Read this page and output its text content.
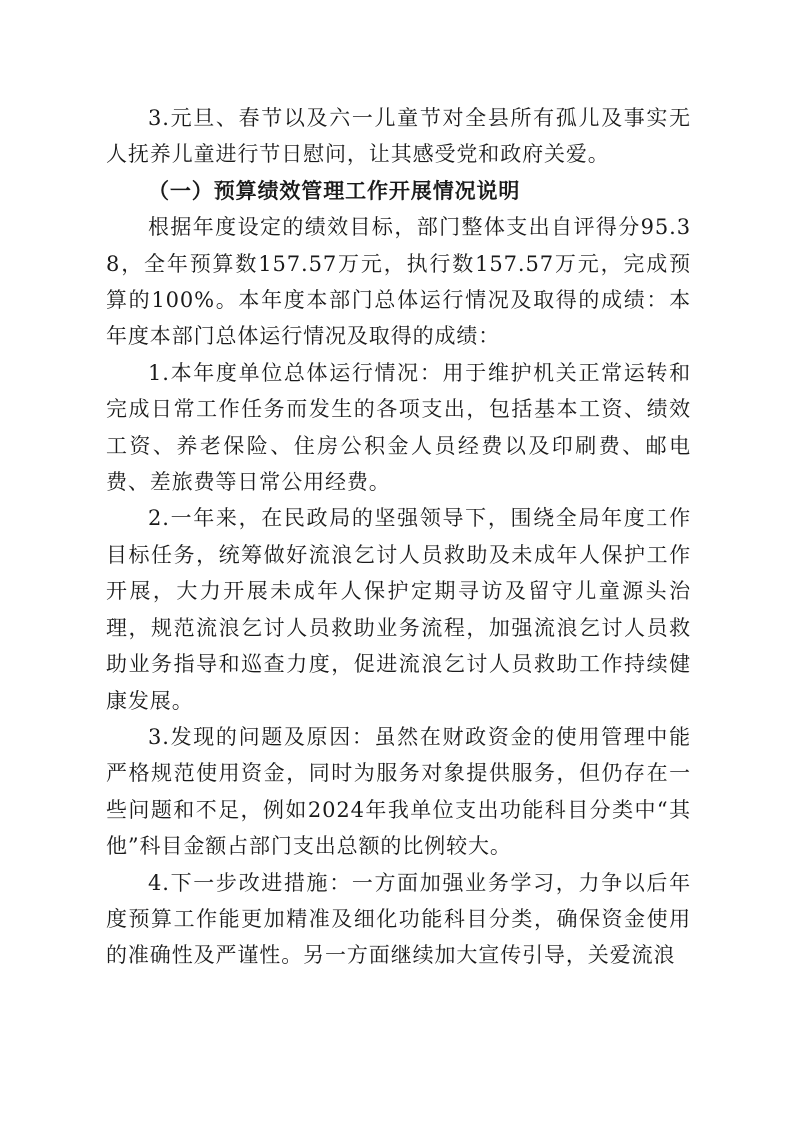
3.元旦、春节以及六一儿童节对全县所有孤儿及事实无人抚养儿童进行节日慰问，让其感受党和政府关爱。

（一）预算绩效管理工作开展情况说明

根据年度设定的绩效目标，部门整体支出自评得分95.38，全年预算数157.57万元，执行数157.57万元，完成预算的100%。本年度本部门总体运行情况及取得的成绩：本年度本部门总体运行情况及取得的成绩：

1.本年度单位总体运行情况：用于维护机关正常运转和完成日常工作任务而发生的各项支出，包括基本工资、绩效工资、养老保险、住房公积金人员经费以及印刷费、邮电费、差旅费等日常公用经费。

2.一年来，在民政局的坚强领导下，围绕全局年度工作目标任务，统筹做好流浪乞讨人员救助及未成年人保护工作开展，大力开展未成年人保护定期寻访及留守儿童源头治理，规范流浪乞讨人员救助业务流程，加强流浪乞讨人员救助业务指导和巡查力度，促进流浪乞讨人员救助工作持续健康发展。

3.发现的问题及原因：虽然在财政资金的使用管理中能严格规范使用资金，同时为服务对象提供服务，但仍存在一些问题和不足，例如2024年我单位支出功能科目分类中“其他”科目金额占部门支出总额的比例较大。

4.下一步改进措施：一方面加强业务学习，力争以后年度预算工作能更加精准及细化功能科目分类，确保资金使用的准确性及严谨性。另一方面继续加大宣传引导，关爱流浪
